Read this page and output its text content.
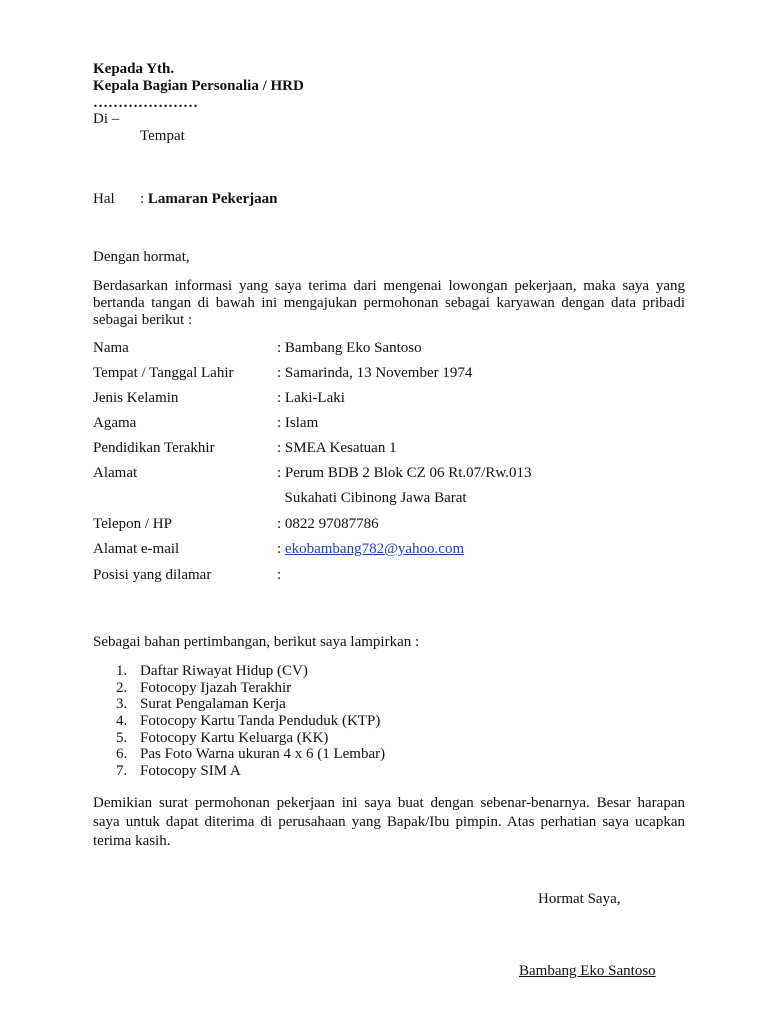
Kepada Yth.
Kepala Bagian Personalia / HRD
…………………
Di –
Tempat
Hal : Lamaran Pekerjaan
Dengan hormat,
Berdasarkan informasi yang saya terima dari mengenai lowongan pekerjaan, maka saya yang
bertanda tangan di bawah ini mengajukan permohonan sebagai karyawan dengan data pribadi
sebagai berikut :
Nama	: Bambang Eko Santoso
Tempat / Tanggal Lahir	: Samarinda, 13 November 1974
Jenis Kelamin	: Laki-Laki
Agama	: Islam
Pendidikan Terakhir	: SMEA Kesatuan 1
Alamat	: Perum BDB 2 Blok CZ 06 Rt.07/Rw.013
Sukahati Cibinong Jawa Barat
Telepon / HP	: 0822 97087786
Alamat e-mail	: ekobambang782@yahoo.com
Posisi yang dilamar	:
Sebagai bahan pertimbangan, berikut saya lampirkan :
1. Daftar Riwayat Hidup (CV)
2. Fotocopy Ijazah Terakhir
3. Surat Pengalaman Kerja
4. Fotocopy Kartu Tanda Penduduk (KTP)
5. Fotocopy Kartu Keluarga (KK)
6. Pas Foto Warna ukuran 4 x 6 (1 Lembar)
7. Fotocopy SIM A
Demikian surat permohonan pekerjaan ini saya buat dengan sebenar-benarnya. Besar harapan
saya untuk dapat diterima di perusahaan yang Bapak/Ibu pimpin. Atas perhatian saya ucapkan
terima kasih.
Hormat Saya,
Bambang Eko Santoso
